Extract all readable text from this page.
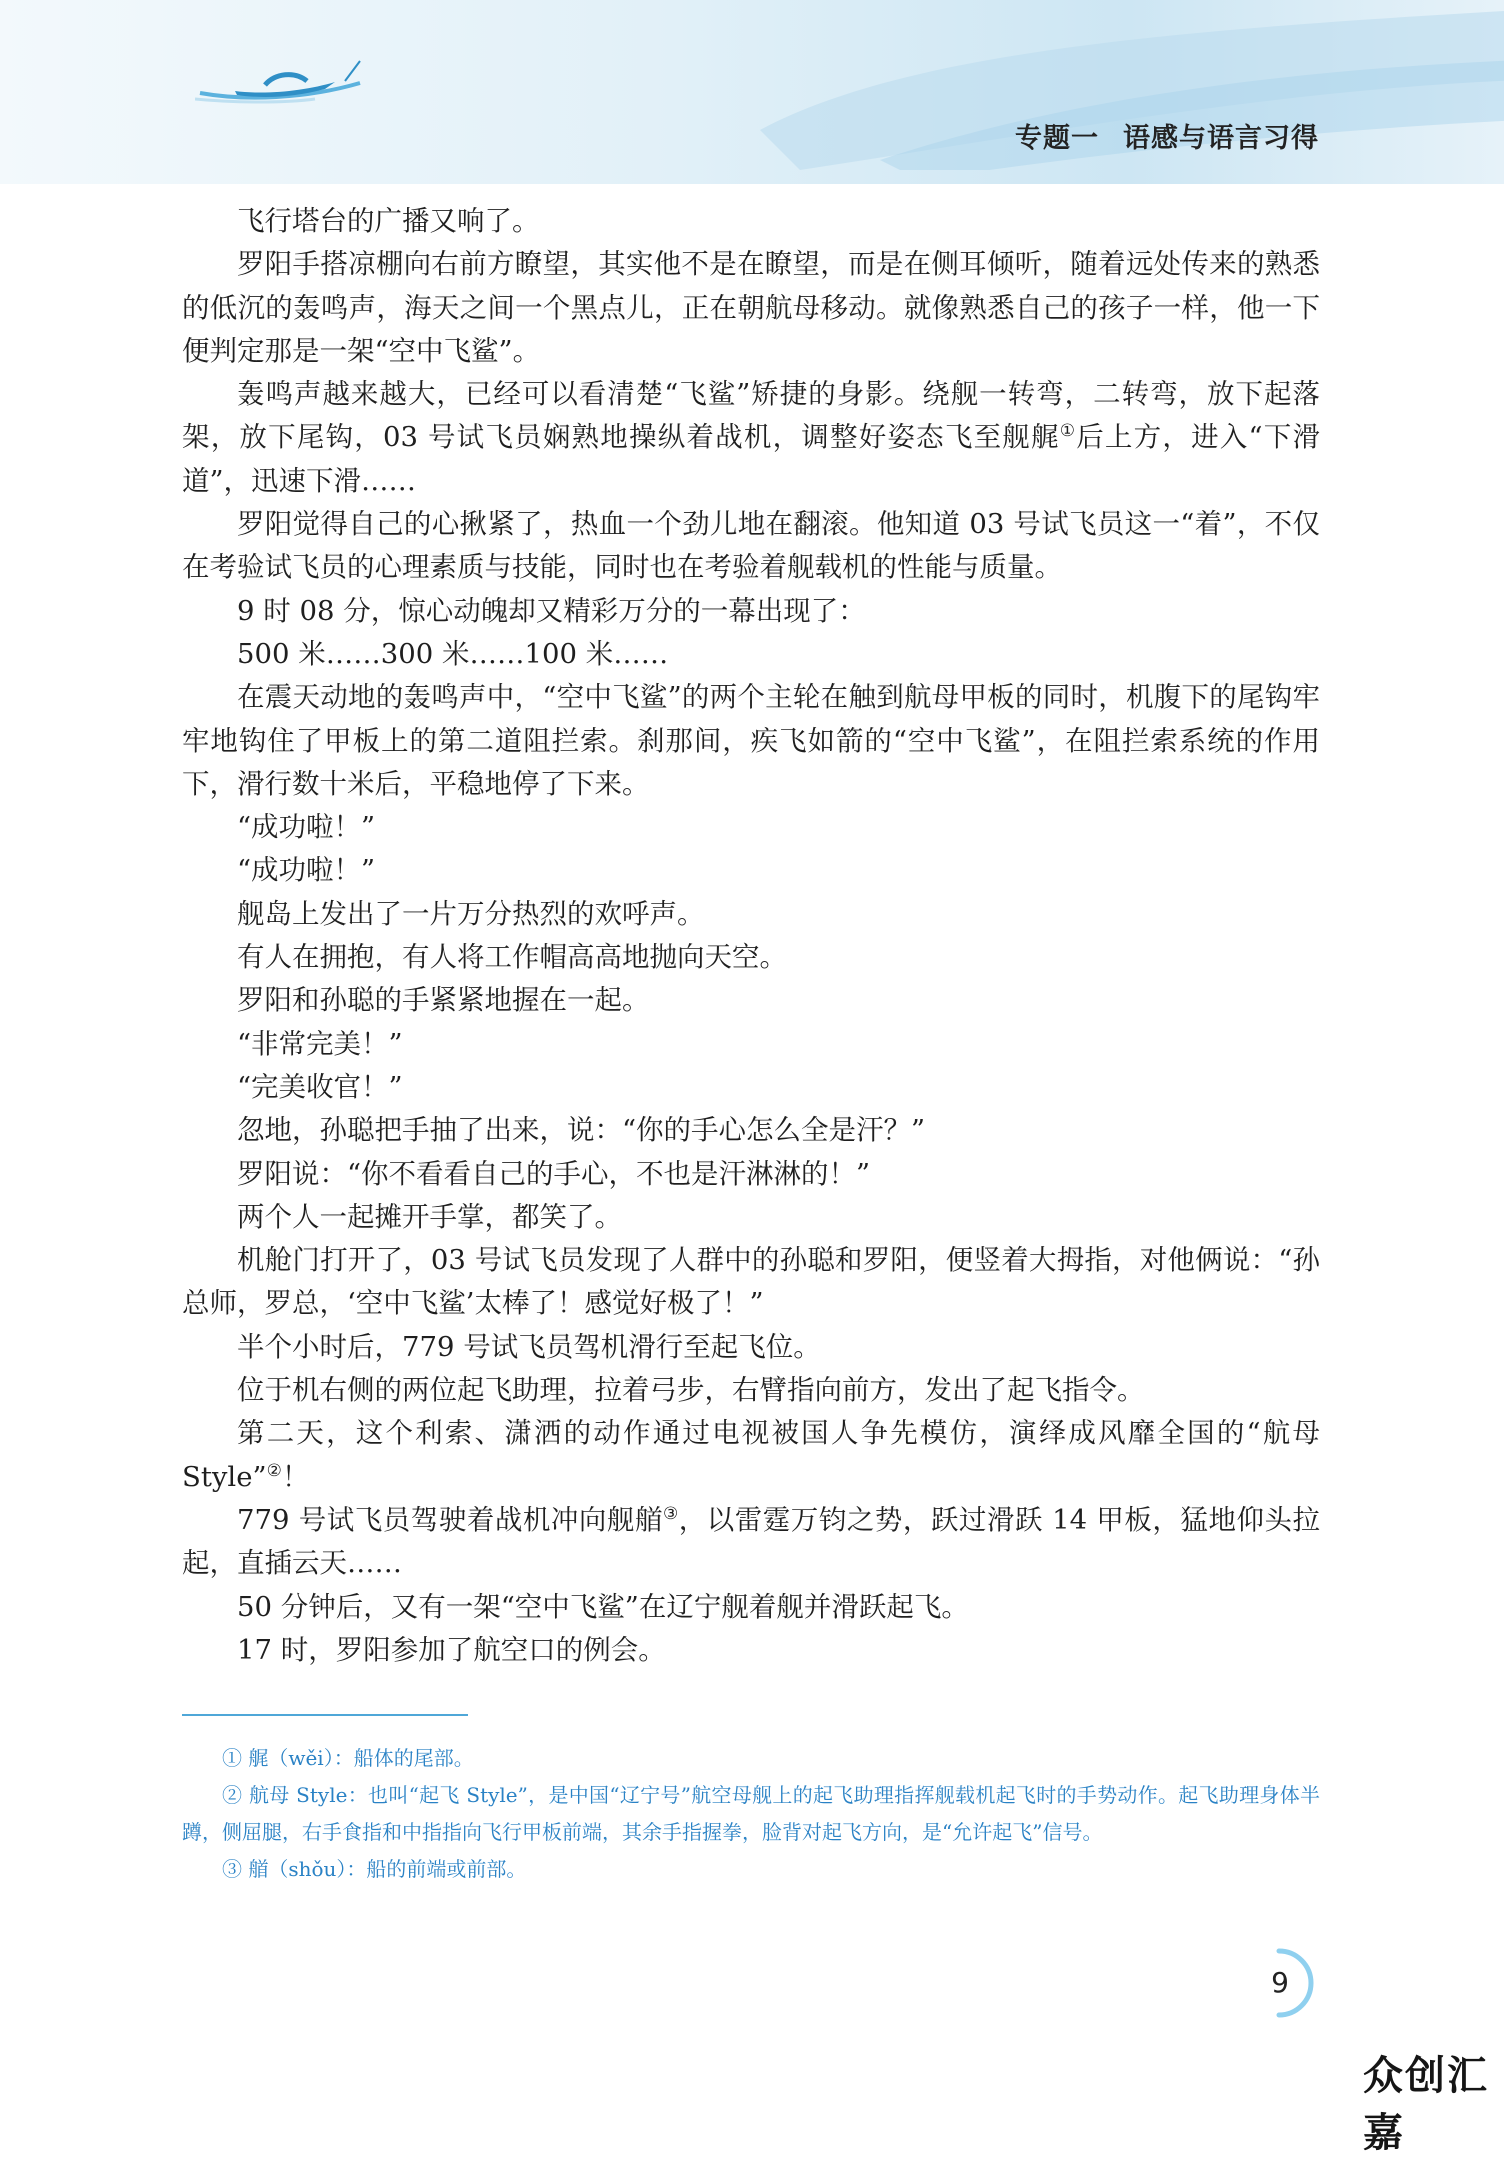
专题一 语感与语言习得

飞行塔台的广播又响了。

罗阳手搭凉棚向右前方瞭望，其实他不是在瞭望，而是在侧耳倾听，随着远处传来的熟悉的低沉的轰鸣声，海天之间一个黑点儿，正在朝航母移动。就像熟悉自己的孩子一样，他一下便判定那是一架“空中飞鲨”。

轰鸣声越来越大，已经可以看清楚“飞鲨”矫捷的身影。绕舰一转弯，二转弯，放下起落架，放下尾钩，03 号试飞员娴熟地操纵着战机，调整好姿态飞至舰艉①后上方，进入“下滑道”，迅速下滑……

罗阳觉得自己的心揪紧了，热血一个劲儿地在翻滚。他知道 03 号试飞员这一“着”，不仅在考验试飞员的心理素质与技能，同时也在考验着舰载机的性能与质量。

9 时 08 分，惊心动魄却又精彩万分的一幕出现了：

500 米……300 米……100 米……

在震天动地的轰鸣声中，“空中飞鲨”的两个主轮在触到航母甲板的同时，机腹下的尾钩牢牢地钩住了甲板上的第二道阻拦索。刹那间，疾飞如箭的“空中飞鲨”，在阻拦索系统的作用下，滑行数十米后，平稳地停了下来。

“成功啦！”

“成功啦！”

舰岛上发出了一片万分热烈的欢呼声。

有人在拥抱，有人将工作帽高高地抛向天空。

罗阳和孙聪的手紧紧地握在一起。

“非常完美！”

“完美收官！”

忽地，孙聪把手抽了出来，说：“你的手心怎么全是汗？”

罗阳说：“你不看看自己的手心，不也是汗淋淋的！”

两个人一起摊开手掌，都笑了。

机舱门打开了，03 号试飞员发现了人群中的孙聪和罗阳，便竖着大拇指，对他俩说：“孙总师，罗总，‘空中飞鲨’太棒了！感觉好极了！”

半个小时后，779 号试飞员驾机滑行至起飞位。

位于机右侧的两位起飞助理，拉着弓步，右臂指向前方，发出了起飞指令。

第二天，这个利索、潇洒的动作通过电视被国人争先模仿，演绎成风靡全国的“航母Style”②！

779 号试飞员驾驶着战机冲向舰艏③，以雷霆万钧之势，跃过滑跃 14 甲板，猛地仰头拉起，直插云天……

50 分钟后，又有一架“空中飞鲨”在辽宁舰着舰并滑跃起飞。

17 时，罗阳参加了航空口的例会。

① 艉（wěi）：船体的尾部。

② 航母 Style：也叫“起飞 Style”，是中国“辽宁号”航空母舰上的起飞助理指挥舰载机起飞时的手势动作。起飞助理身体半蹲，侧屈腿，右手食指和中指指向飞行甲板前端，其余手指握拳，脸背对起飞方向，是“允许起飞”信号。

③ 艏（shǒu）：船的前端或前部。

9
众创汇嘉
